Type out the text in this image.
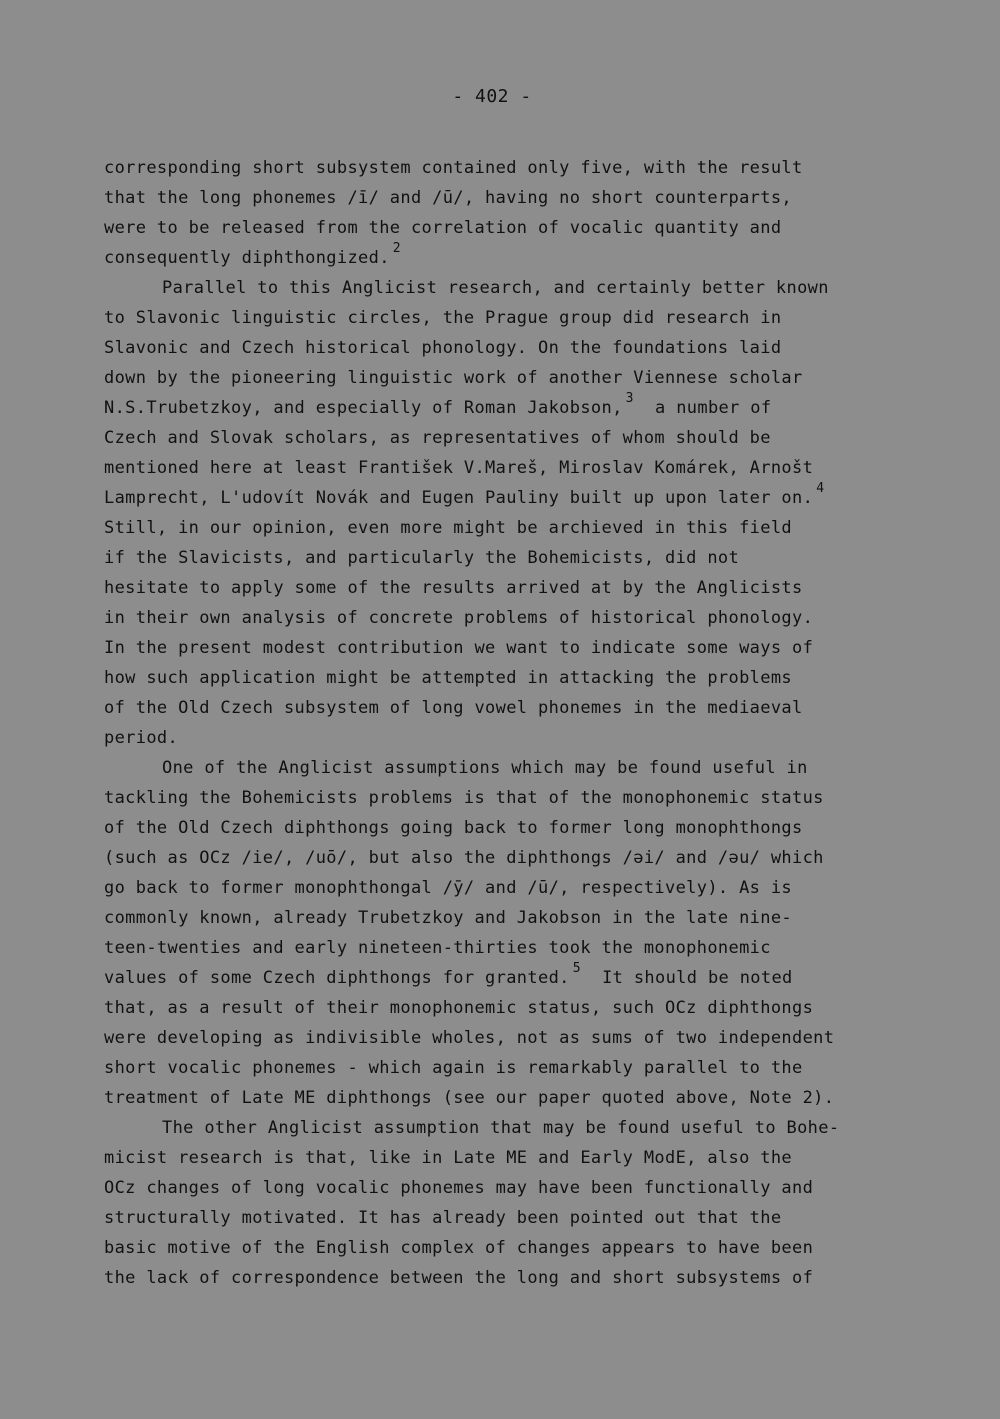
- 402 -
corresponding short subsystem contained only five, with the result
that the long phonemes /ī/ and /ū/, having no short counterparts,
were to be released from the correlation of vocalic quantity and
consequently diphthongized. $^2$
Parallel to this Anglicist research, and certainly better known
to Slavonic linguistic circles, the Prague group did research in
Slavonic and Czech historical phonology. On the foundations laid
down by the pioneering linguistic work of another Viennese scholar
N.S.Trubetzkoy, and especially of Roman Jakobson, $^3$  a number of
Czech and Slovak scholars, as representatives of whom should be
mentioned here at least František V.Mareš, Miroslav Komárek, Arnošt
Lamprecht, L'udovít Novák and Eugen Pauliny built up upon later on. $^4$
Still, in our opinion, even more might be archieved in this field
if the Slavicists, and particularly the Bohemicists, did not
hesitate to apply some of the results arrived at by the Anglicists
in their own analysis of concrete problems of historical phonology.
In the present modest contribution we want to indicate some ways of
how such application might be attempted in attacking the problems
of the Old Czech subsystem of long vowel phonemes in the mediaeval
period.
One of the Anglicist assumptions which may be found useful in
tackling the Bohemicists problems is that of the monophonemic status
of the Old Czech diphthongs going back to former long monophthongs
(such as OCz /ie/, /uō/, but also the diphthongs /əi/ and /əu/ which
go back to former monophthongal /ȳ/ and /ū/, respectively). As is
commonly known, already Trubetzkoy and Jakobson in the late nine-
teen-twenties and early nineteen-thirties took the monophonemic
values of some Czech diphthongs for granted. $^5$  It should be noted
that, as a result of their monophonemic status, such OCz diphthongs
were developing as indivisible wholes, not as sums of two independent
short vocalic phonemes - which again is remarkably parallel to the
treatment of Late ME diphthongs (see our paper quoted above, Note 2).
The other Anglicist assumption that may be found useful to Bohe-
micist research is that, like in Late ME and Early ModE, also the
OCz changes of long vocalic phonemes may have been functionally and
structurally motivated. It has already been pointed out that the
basic motive of the English complex of changes appears to have been
the lack of correspondence between the long and short subsystems of
